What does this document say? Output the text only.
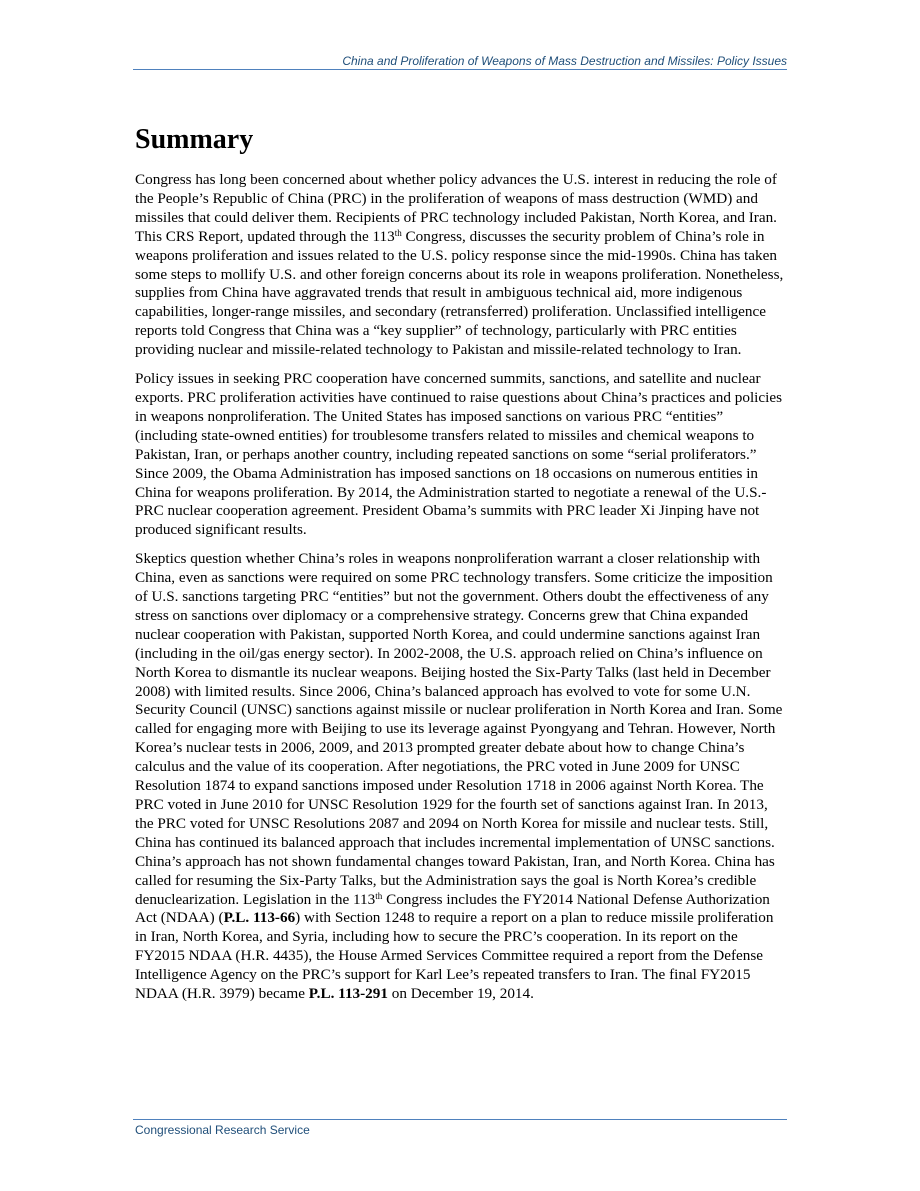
China and Proliferation of Weapons of Mass Destruction and Missiles: Policy Issues
Summary

Congress has long been concerned about whether policy advances the U.S. interest in reducing the role of the People’s Republic of China (PRC) in the proliferation of weapons of mass destruction (WMD) and missiles that could deliver them. Recipients of PRC technology included Pakistan, North Korea, and Iran. This CRS Report, updated through the 113th Congress, discusses the security problem of China’s role in weapons proliferation and issues related to the U.S. policy response since the mid-1990s. China has taken some steps to mollify U.S. and other foreign concerns about its role in weapons proliferation. Nonetheless, supplies from China have aggravated trends that result in ambiguous technical aid, more indigenous capabilities, longer-range missiles, and secondary (retransferred) proliferation. Unclassified intelligence reports told Congress that China was a “key supplier” of technology, particularly with PRC entities providing nuclear and missile-related technology to Pakistan and missile-related technology to Iran.

Policy issues in seeking PRC cooperation have concerned summits, sanctions, and satellite and nuclear exports. PRC proliferation activities have continued to raise questions about China’s practices and policies in weapons nonproliferation. The United States has imposed sanctions on various PRC “entities” (including state-owned entities) for troublesome transfers related to missiles and chemical weapons to Pakistan, Iran, or perhaps another country, including repeated sanctions on some “serial proliferators.” Since 2009, the Obama Administration has imposed sanctions on 18 occasions on numerous entities in China for weapons proliferation. By 2014, the Administration started to negotiate a renewal of the U.S.-PRC nuclear cooperation agreement. President Obama’s summits with PRC leader Xi Jinping have not produced significant results.

Skeptics question whether China’s roles in weapons nonproliferation warrant a closer relationship with China, even as sanctions were required on some PRC technology transfers. Some criticize the imposition of U.S. sanctions targeting PRC “entities” but not the government. Others doubt the effectiveness of any stress on sanctions over diplomacy or a comprehensive strategy. Concerns grew that China expanded nuclear cooperation with Pakistan, supported North Korea, and could undermine sanctions against Iran (including in the oil/gas energy sector). In 2002-2008, the U.S. approach relied on China’s influence on North Korea to dismantle its nuclear weapons. Beijing hosted the Six-Party Talks (last held in December 2008) with limited results. Since 2006, China’s balanced approach has evolved to vote for some U.N. Security Council (UNSC) sanctions against missile or nuclear proliferation in North Korea and Iran. Some called for engaging more with Beijing to use its leverage against Pyongyang and Tehran. However, North Korea’s nuclear tests in 2006, 2009, and 2013 prompted greater debate about how to change China’s calculus and the value of its cooperation. After negotiations, the PRC voted in June 2009 for UNSC Resolution 1874 to expand sanctions imposed under Resolution 1718 in 2006 against North Korea. The PRC voted in June 2010 for UNSC Resolution 1929 for the fourth set of sanctions against Iran. In 2013, the PRC voted for UNSC Resolutions 2087 and 2094 on North Korea for missile and nuclear tests. Still, China has continued its balanced approach that includes incremental implementation of UNSC sanctions. China’s approach has not shown fundamental changes toward Pakistan, Iran, and North Korea. China has called for resuming the Six-Party Talks, but the Administration says the goal is North Korea’s credible denuclearization. Legislation in the 113th Congress includes the FY2014 National Defense Authorization Act (NDAA) (P.L. 113-66) with Section 1248 to require a report on a plan to reduce missile proliferation in Iran, North Korea, and Syria, including how to secure the PRC’s cooperation. In its report on the FY2015 NDAA (H.R. 4435), the House Armed Services Committee required a report from the Defense Intelligence Agency on the PRC’s support for Karl Lee’s repeated transfers to Iran. The final FY2015 NDAA (H.R. 3979) became P.L. 113-291 on December 19, 2014.

Congressional Research Service
